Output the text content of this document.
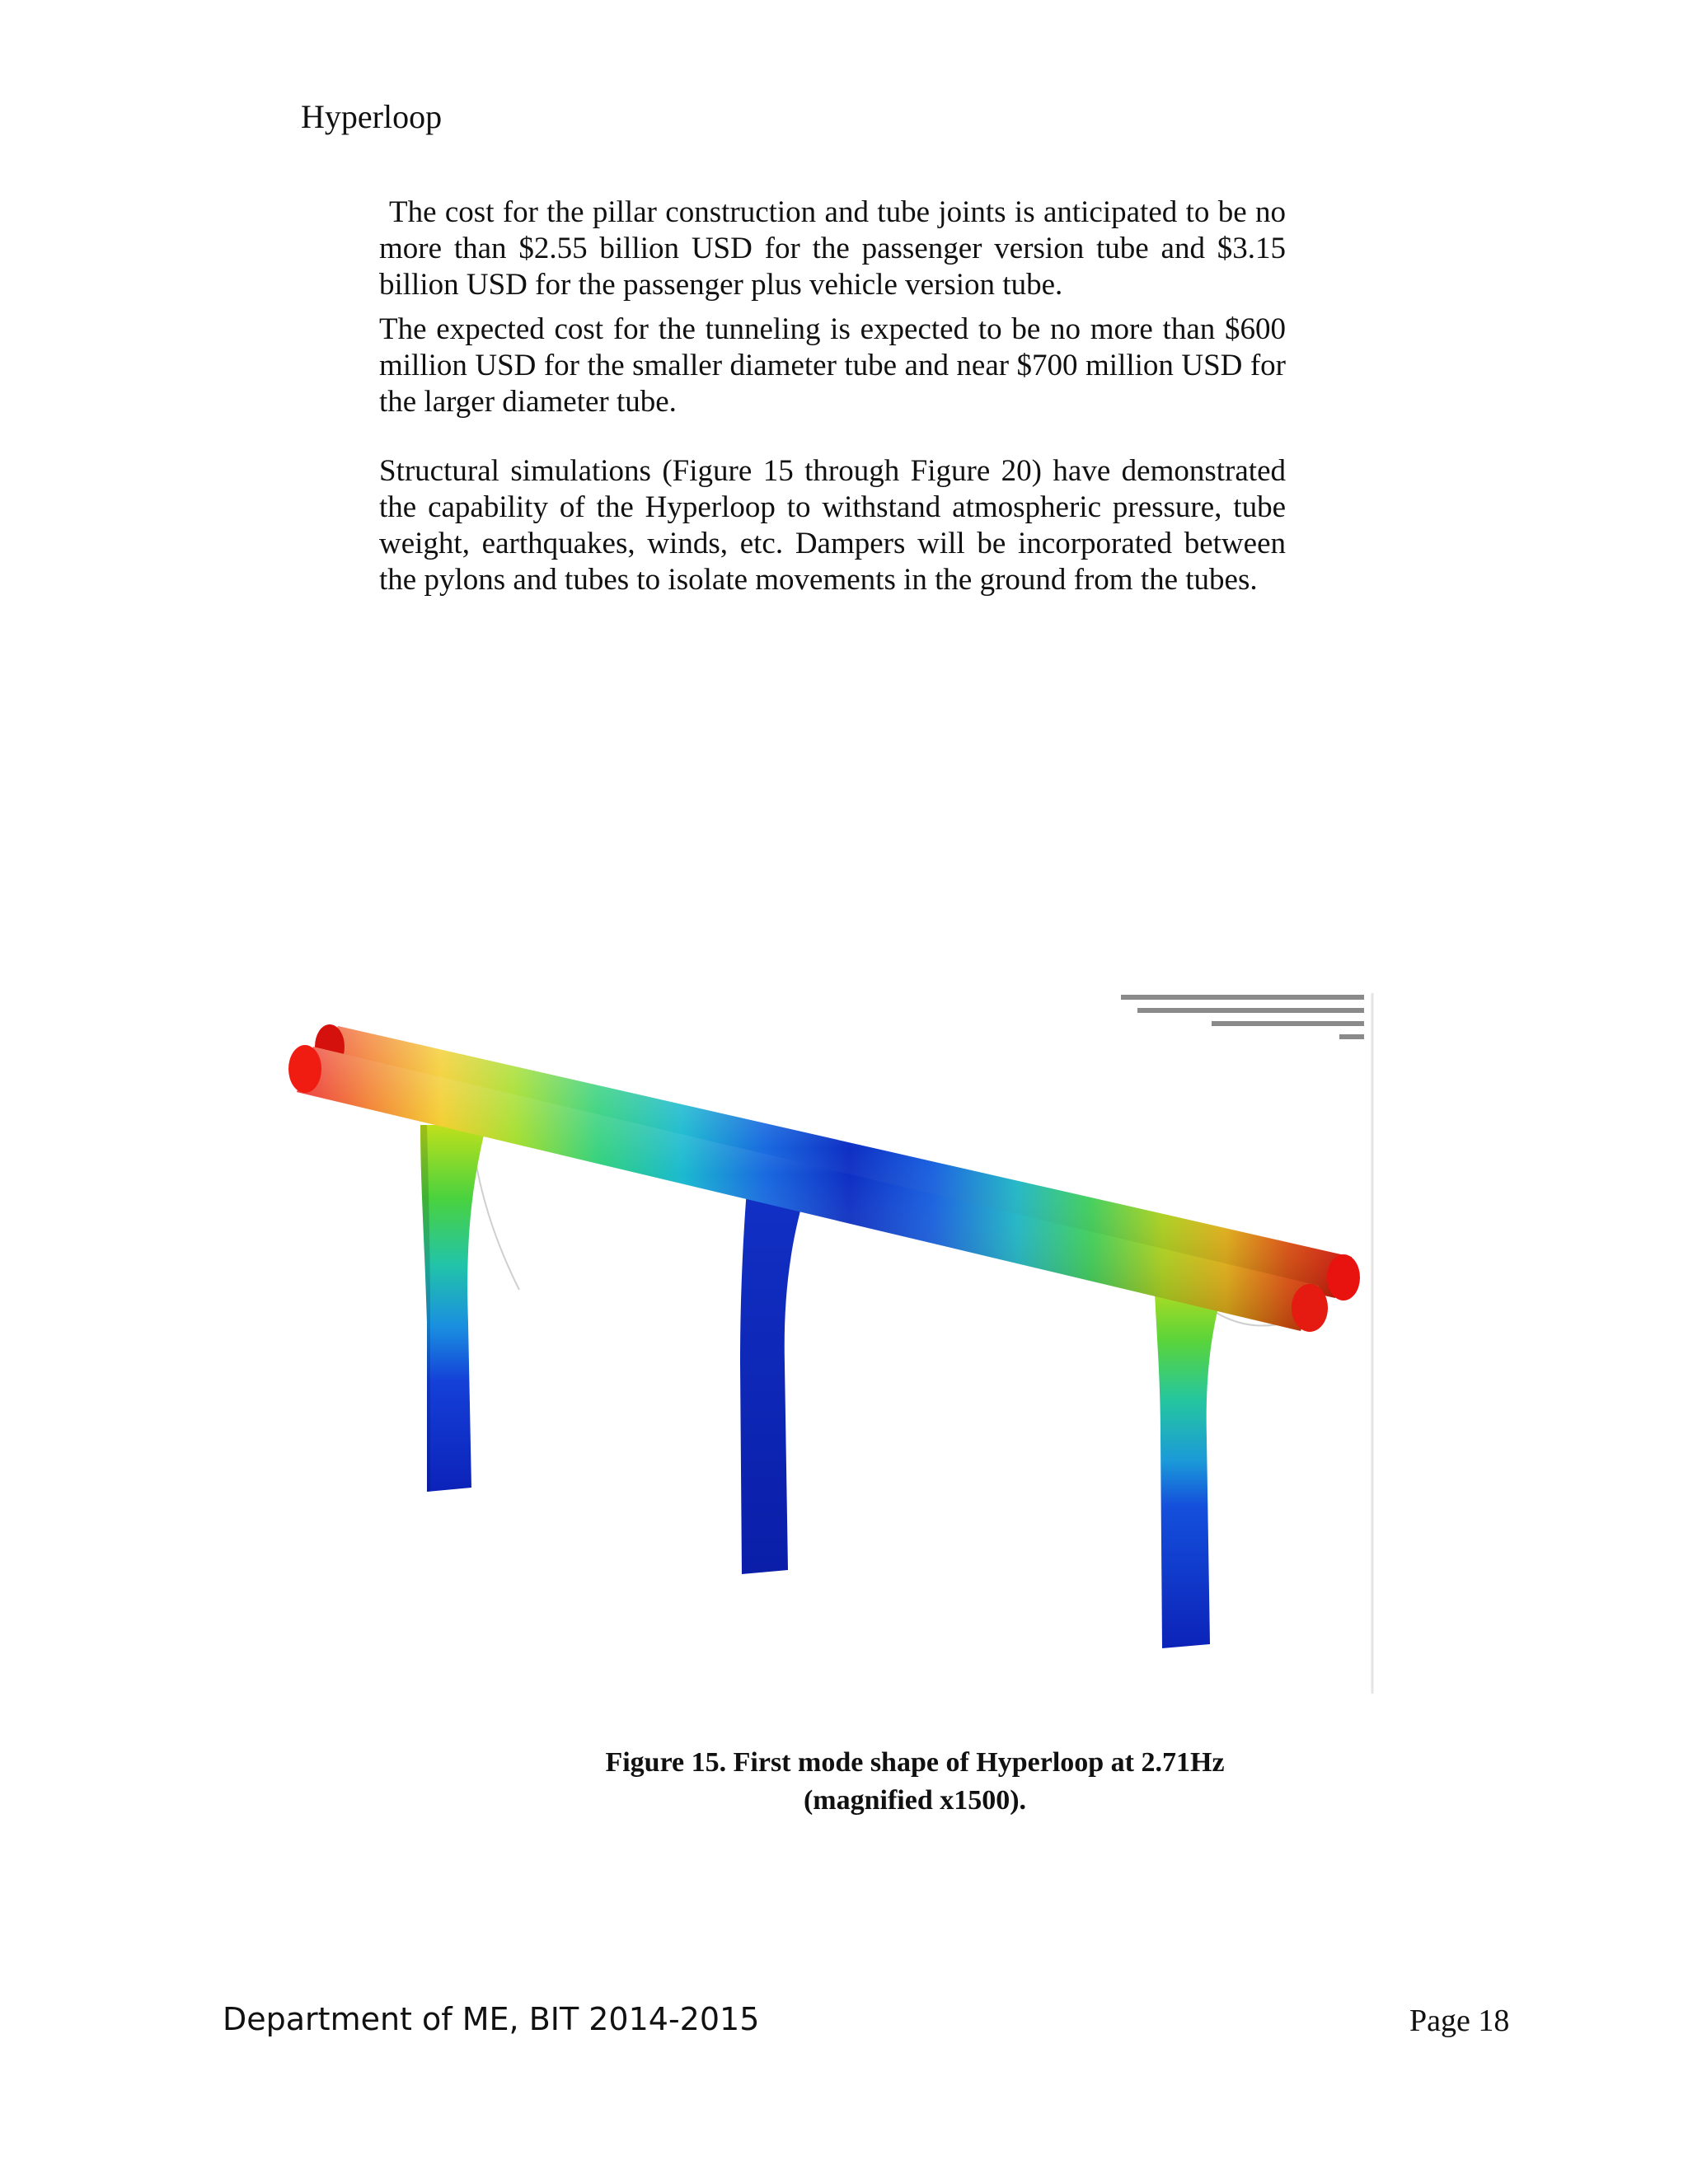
Hyperloop

The cost for the pillar construction and tube joints is anticipated to be no more than $2.55 billion USD for the passenger version tube and $3.15 billion USD for the passenger plus vehicle version tube.

The expected cost for the tunneling is expected to be no more than $600 million USD for the smaller diameter tube and near $700 million USD for the larger diameter tube.

Structural simulations (Figure 15 through Figure 20) have demonstrated the capability of the Hyperloop to withstand atmospheric pressure, tube weight, earthquakes, winds, etc. Dampers will be incorporated between the pylons and tubes to isolate movements in the ground from the tubes.

Figure 15. First mode shape of Hyperloop at 2.71Hz
(magnified x1500).
Department of ME, BIT 2014-2015	Page 18
